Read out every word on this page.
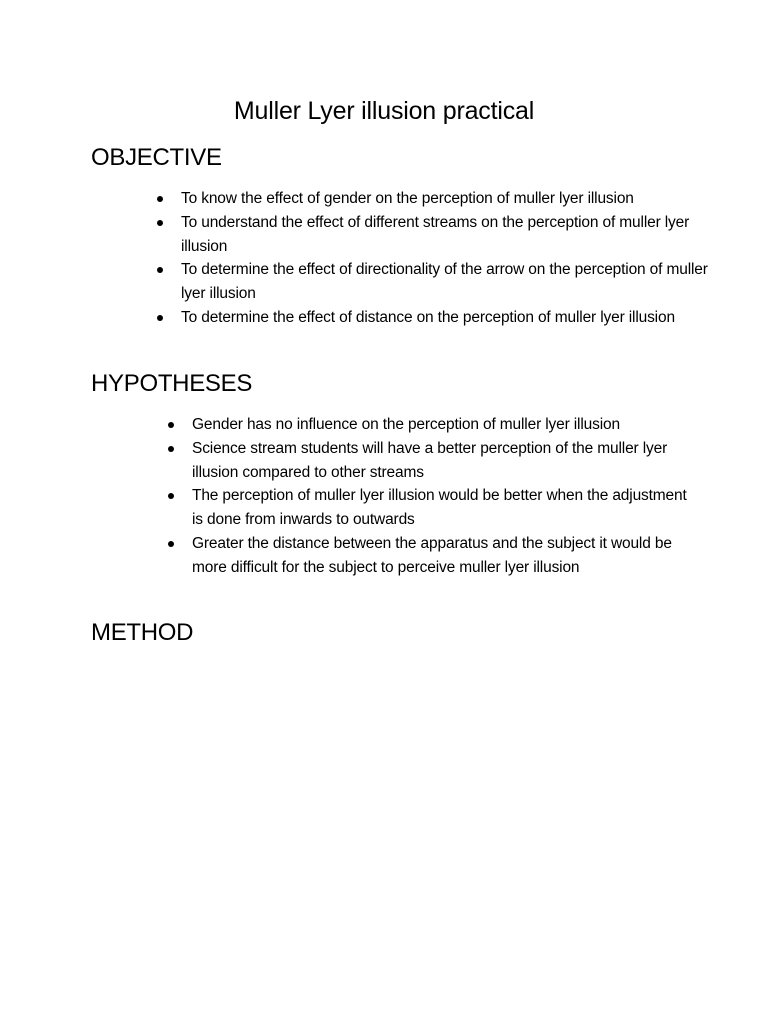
Muller Lyer illusion practical
OBJECTIVE
To know the effect of gender on the perception of muller lyer illusion
To understand the effect of different streams on the perception of muller lyer illusion
To determine the effect of directionality of the arrow on the perception of muller lyer illusion
To determine the effect of distance on the perception of muller lyer illusion
HYPOTHESES
Gender has no influence on the perception of muller lyer illusion
Science stream students will have a better perception of the muller lyer illusion compared to other streams
The perception of muller lyer illusion would be better when the adjustment is done from inwards to outwards
Greater the distance between the apparatus and the subject it would be more difficult for the subject to perceive muller lyer illusion
METHOD
